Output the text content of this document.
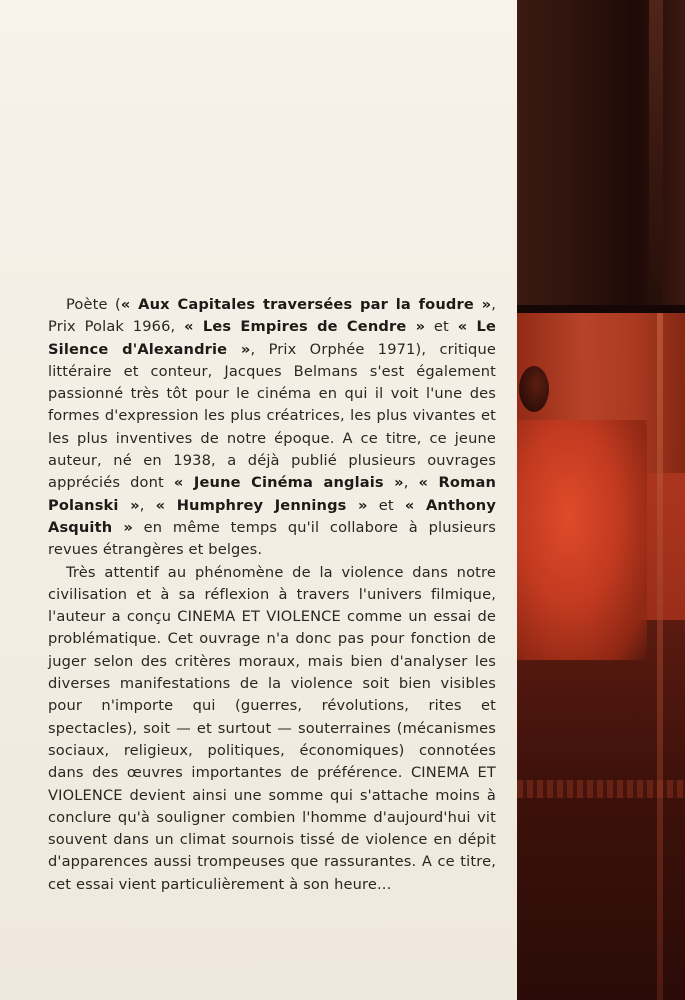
Poète (« Aux Capitales traversées par la foudre », Prix Polak 1966, « Les Empires de Cendre » et « Le Silence d'Alexandrie », Prix Orphée 1971), critique littéraire et conteur, Jacques Belmans s'est également passionné très tôt pour le cinéma en qui il voit l'une des formes d'expression les plus créatrices, les plus vivantes et les plus inventives de notre époque. A ce titre, ce jeune auteur, né en 1938, a déjà publié plusieurs ouvrages appréciés dont « Jeune Cinéma anglais », « Roman Polanski », « Humphrey Jennings » et « Anthony Asquith » en même temps qu'il collabore à plusieurs revues étrangères et belges.

Très attentif au phénomène de la violence dans notre civilisation et à sa réflexion à travers l'univers filmique, l'auteur a conçu CINEMA ET VIOLENCE comme un essai de problématique. Cet ouvrage n'a donc pas pour fonction de juger selon des critères moraux, mais bien d'analyser les diverses manifestations de la violence soit bien visibles pour n'importe qui (guerres, révolutions, rites et spectacles), soit — et surtout — souterraines (mécanismes sociaux, religieux, politiques, économiques) connotées dans des œuvres importantes de préférence. CINEMA ET VIOLENCE devient ainsi une somme qui s'attache moins à conclure qu'à souligner combien l'homme d'aujourd'hui vit souvent dans un climat sournois tissé de violence en dépit d'apparences aussi trompeuses que rassurantes. A ce titre, cet essai vient particulièrement à son heure...
